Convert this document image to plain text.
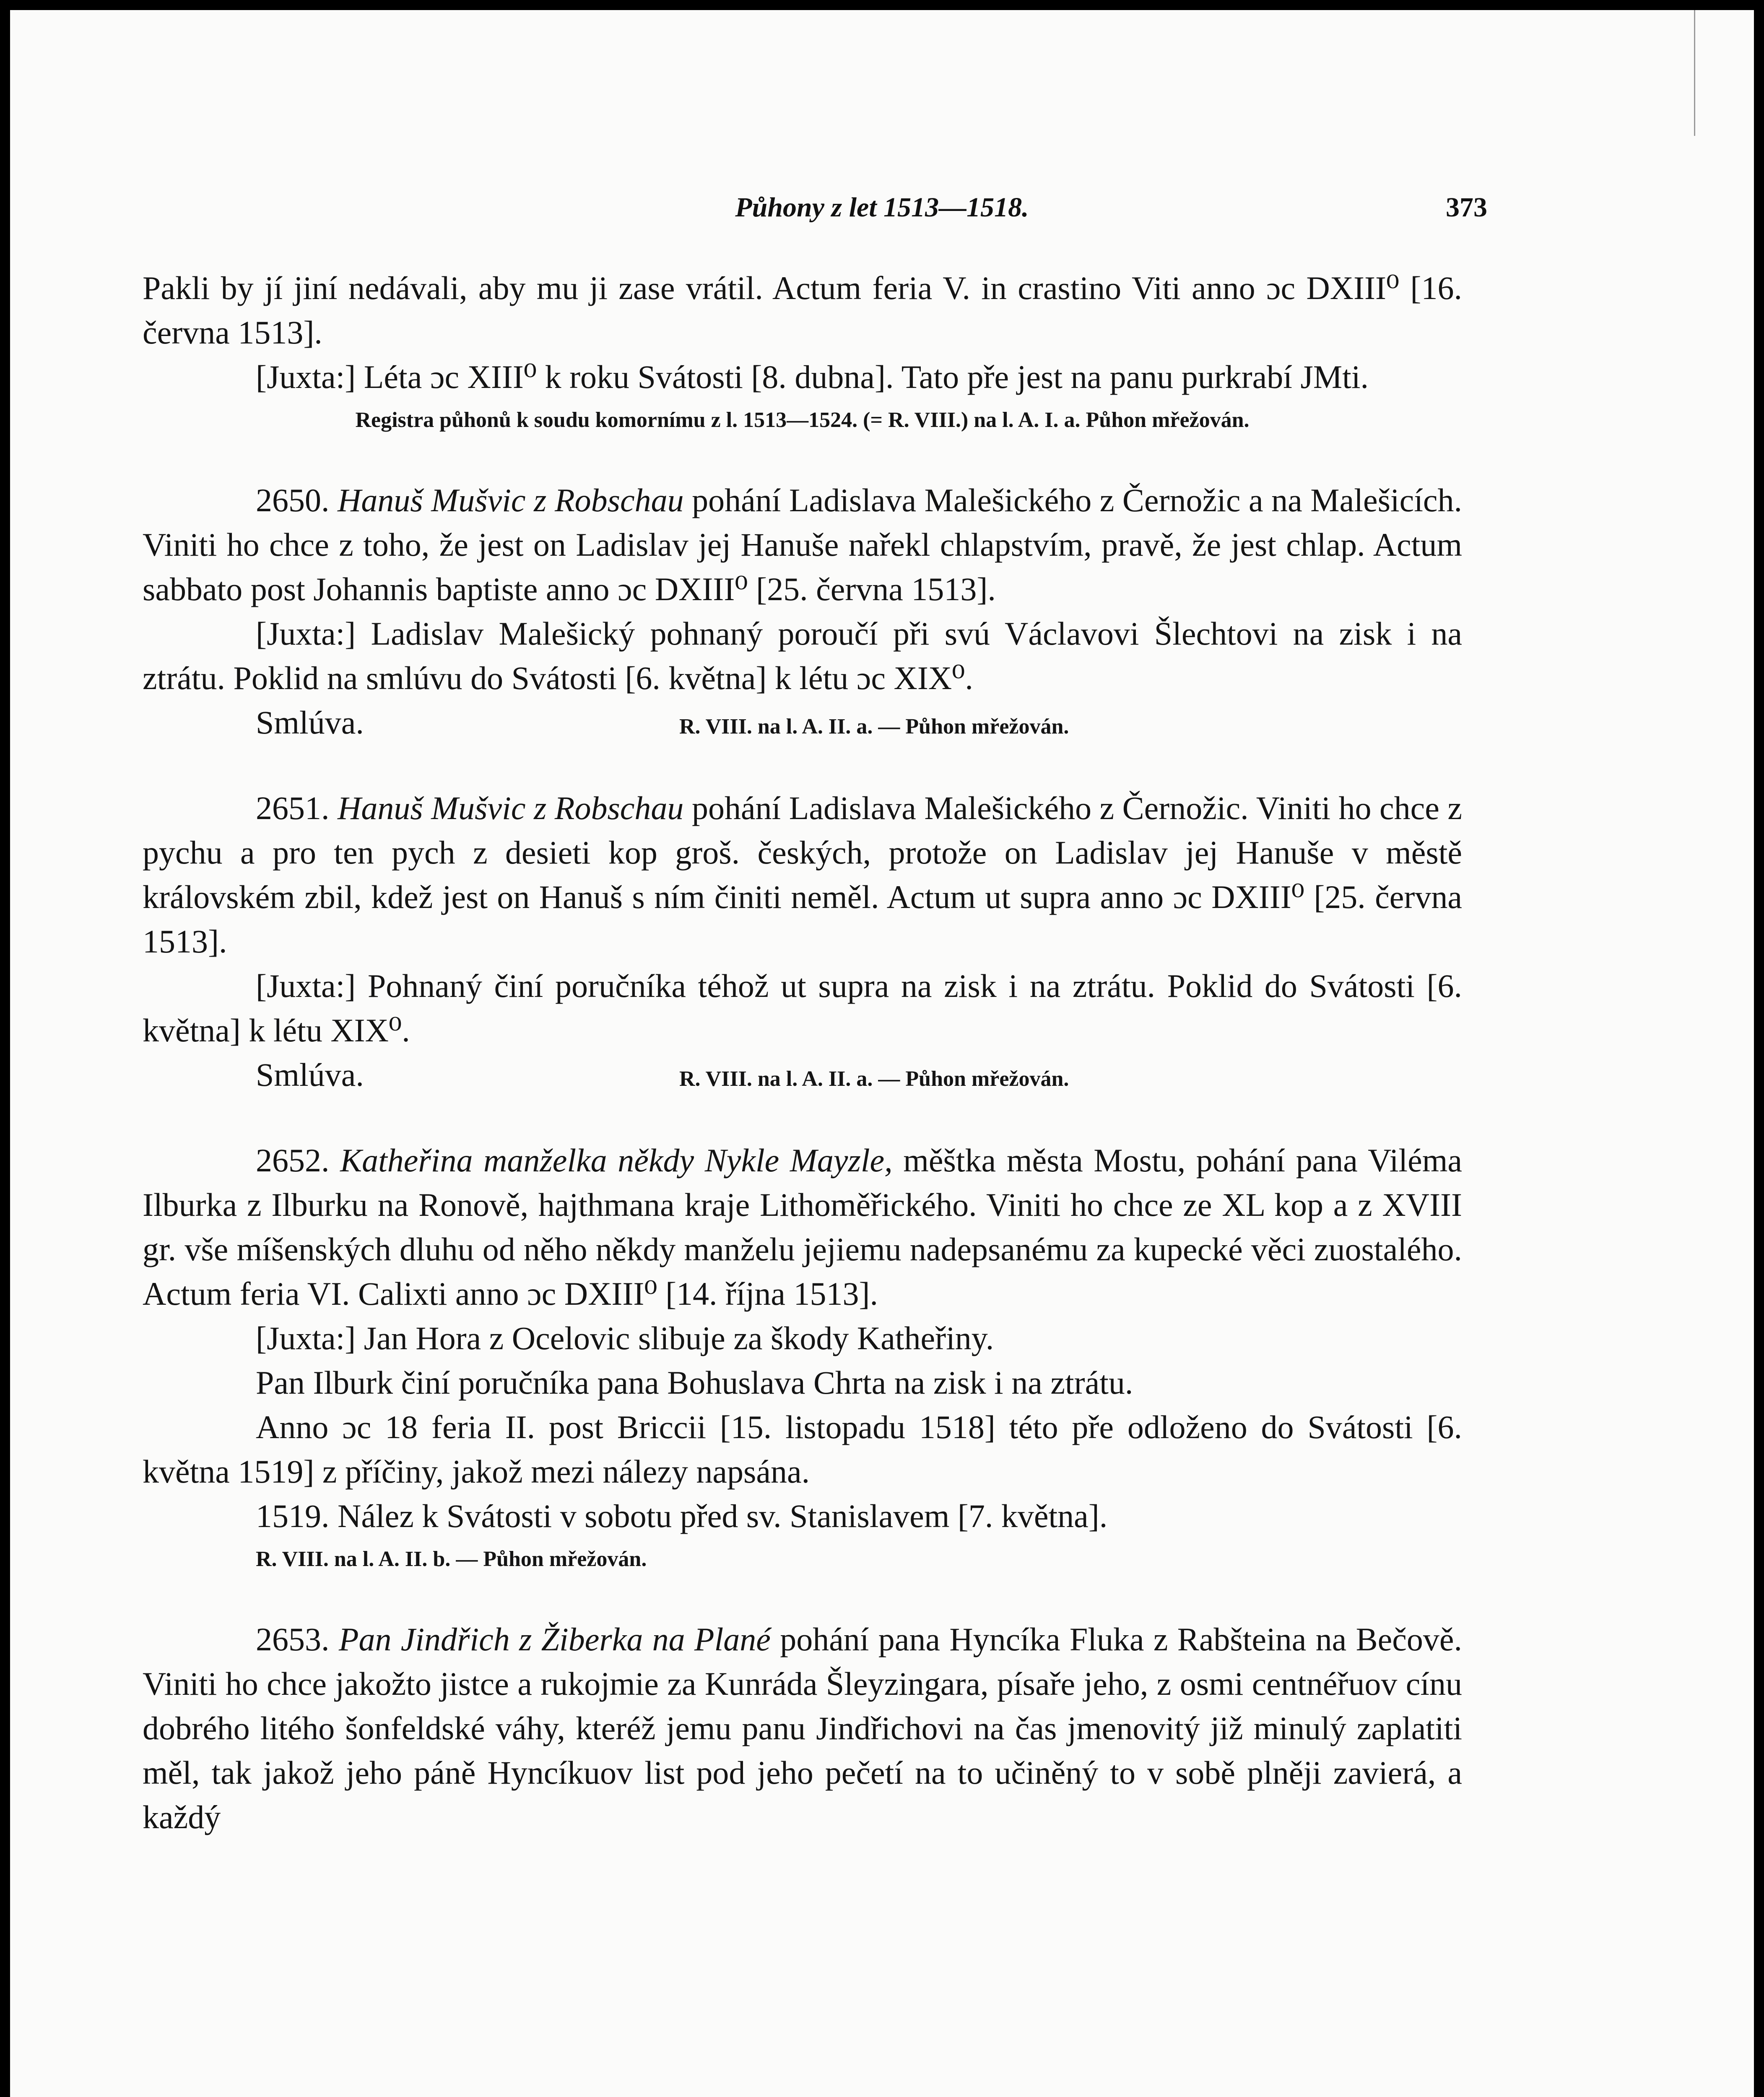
Půhony z let 1513—1518.	373

Pakli by jí jiní nedávali, aby mu ji zase vrátil. Actum feria V. in crastino Viti anno ɔc DXIII⁰ [16. června 1513].

[Juxta:] Léta ɔc XIII⁰ k roku Svátosti [8. dubna]. Tato pře jest na panu purkrabí JMti.

Registra půhonů k soudu komornímu z l. 1513—1524. (= R. VIII.) na l. A. I. a. Půhon mřežován.

2650. Hanuš Mušvic z Robschau pohání Ladislava Malešického z Černožic a na Malešicích. Viniti ho chce z toho, že jest on Ladislav jej Hanuše nařekl chlapstvím, pravě, že jest chlap. Actum sabbato post Johannis baptiste anno ɔc DXIII⁰ [25. června 1513].

[Juxta:] Ladislav Malešický pohnaný poroučí při svú Václavovi Šlechtovi na zisk i na ztrátu. Poklid na smlúvu do Svátosti [6. května] k létu ɔc XIX⁰.

Smlúva.	R. VIII. na l. A. II. a. — Půhon mřežován.

2651. Hanuš Mušvic z Robschau pohání Ladislava Malešického z Černožic. Viniti ho chce z pychu a pro ten pych z desieti kop groš. českých, protože on Ladislav jej Hanuše v městě královském zbil, kdež jest on Hanuš s ním činiti neměl. Actum ut supra anno ɔc DXIII⁰ [25. června 1513].

[Juxta:] Pohnaný činí poručníka téhož ut supra na zisk i na ztrátu. Poklid do Svátosti [6. května] k létu XIX⁰.

Smlúva.	R. VIII. na l. A. II. a. — Půhon mřežován.

2652. Katheřina manželka někdy Nykle Mayzle, měštka města Mostu, pohání pana Viléma Ilburka z Ilburku na Ronově, hajthmana kraje Lithoměřického. Viniti ho chce ze XL kop a z XVIII gr. vše míšenských dluhu od něho někdy manželu jejiemu nadepsanému za kupecké věci zuostalého. Actum feria VI. Calixti anno ɔc DXIII⁰ [14. října 1513].

[Juxta:] Jan Hora z Ocelovic slibuje za škody Katheřiny.

Pan Ilburk činí poručníka pana Bohuslava Chrta na zisk i na ztrátu.

Anno ɔc 18 feria II. post Briccii [15. listopadu 1518] této pře odloženo do Svátosti [6. května 1519] z příčiny, jakož mezi nálezy napsána.

1519. Nález k Svátosti v sobotu před sv. Stanislavem [7. května].

R. VIII. na l. A. II. b. — Půhon mřežován.

2653. Pan Jindřich z Žiberka na Plané pohání pana Hyncíka Fluka z Rabšteina na Bečově. Viniti ho chce jakožto jistce a rukojmie za Kunráda Šleyzingara, písaře jeho, z osmi centnéřuov cínu dobrého litého šonfeldské váhy, kteréž jemu panu Jindřichovi na čas jmenovitý již minulý zaplatiti měl, tak jakož jeho páně Hyncíkuov list pod jeho pečetí na to učiněný to v sobě plněji zavierá, a každý
